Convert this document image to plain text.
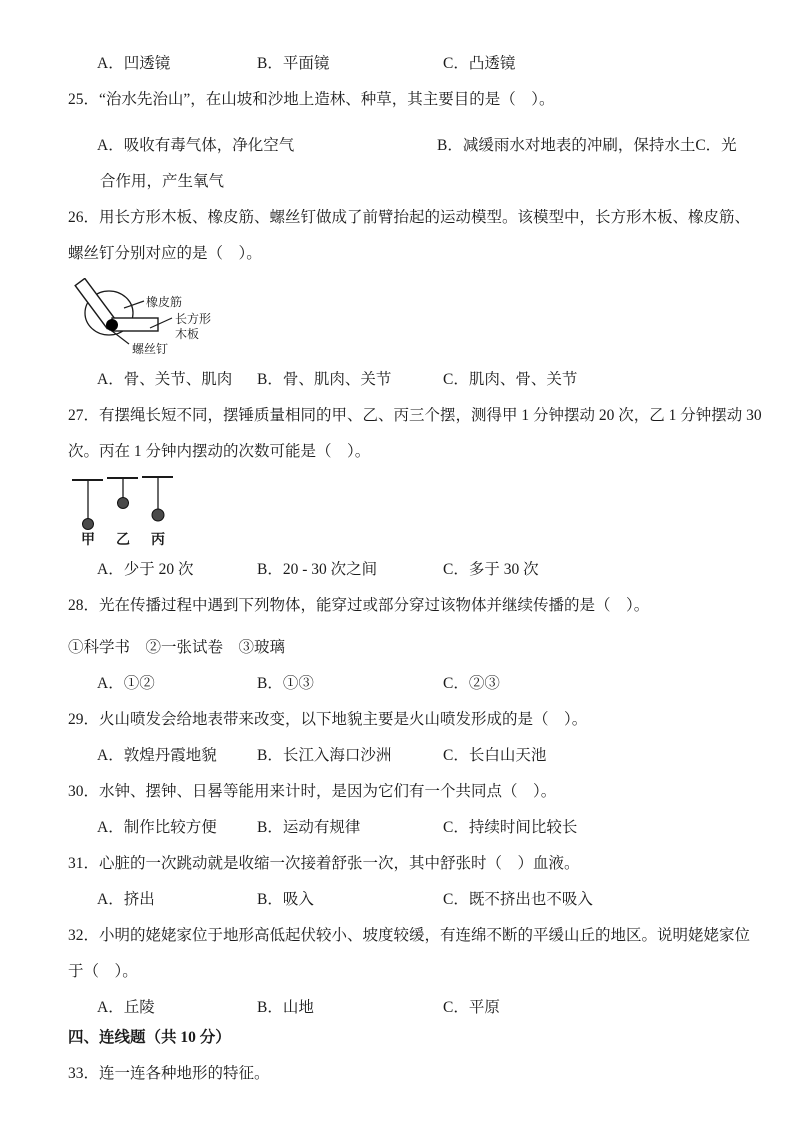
A．凹透镜	B．平面镜	C．凸透镜
25．“治水先治山”，在山坡和沙地上造林、种草，其主要目的是（　）。
A．吸收有毒气体，净化空气	B．减缓雨水对地表的冲刷，保持水土C．光
合作用，产生氧气
26．用长方形木板、橡皮筋、螺丝钉做成了前臂抬起的运动模型。该模型中，长方形木板、橡皮筋、
螺丝钉分别对应的是（　）。
橡皮筋
长方形
木板
螺丝钉
A．骨、关节、肌肉	B．骨、肌肉、关节	C．肌肉、骨、关节
27．有摆绳长短不同，摆锤质量相同的甲、乙、丙三个摆，测得甲 1 分钟摆动 20 次，乙 1 分钟摆动 30
次。丙在 1 分钟内摆动的次数可能是（　）。
甲 乙 丙
A．少于 20 次	B．20 - 30 次之间	C．多于 30 次
28．光在传播过程中遇到下列物体，能穿过或部分穿过该物体并继续传播的是（　）。
①科学书　②一张试卷　③玻璃
A．①②	B．①③	C．②③
29．火山喷发会给地表带来改变，以下地貌主要是火山喷发形成的是（　）。
A．敦煌丹霞地貌	B．长江入海口沙洲	C．长白山天池
30．水钟、摆钟、日晷等能用来计时，是因为它们有一个共同点（　）。
A．制作比较方便	B．运动有规律	C．持续时间比较长
31．心脏的一次跳动就是收缩一次接着舒张一次，其中舒张时（　）血液。
A．挤出	B．吸入	C．既不挤出也不吸入
32．小明的姥姥家位于地形高低起伏较小、坡度较缓，有连绵不断的平缓山丘的地区。说明姥姥家位
于（　）。
A．丘陵	B．山地	C．平原
四、连线题（共 10 分）
33．连一连各种地形的特征。
